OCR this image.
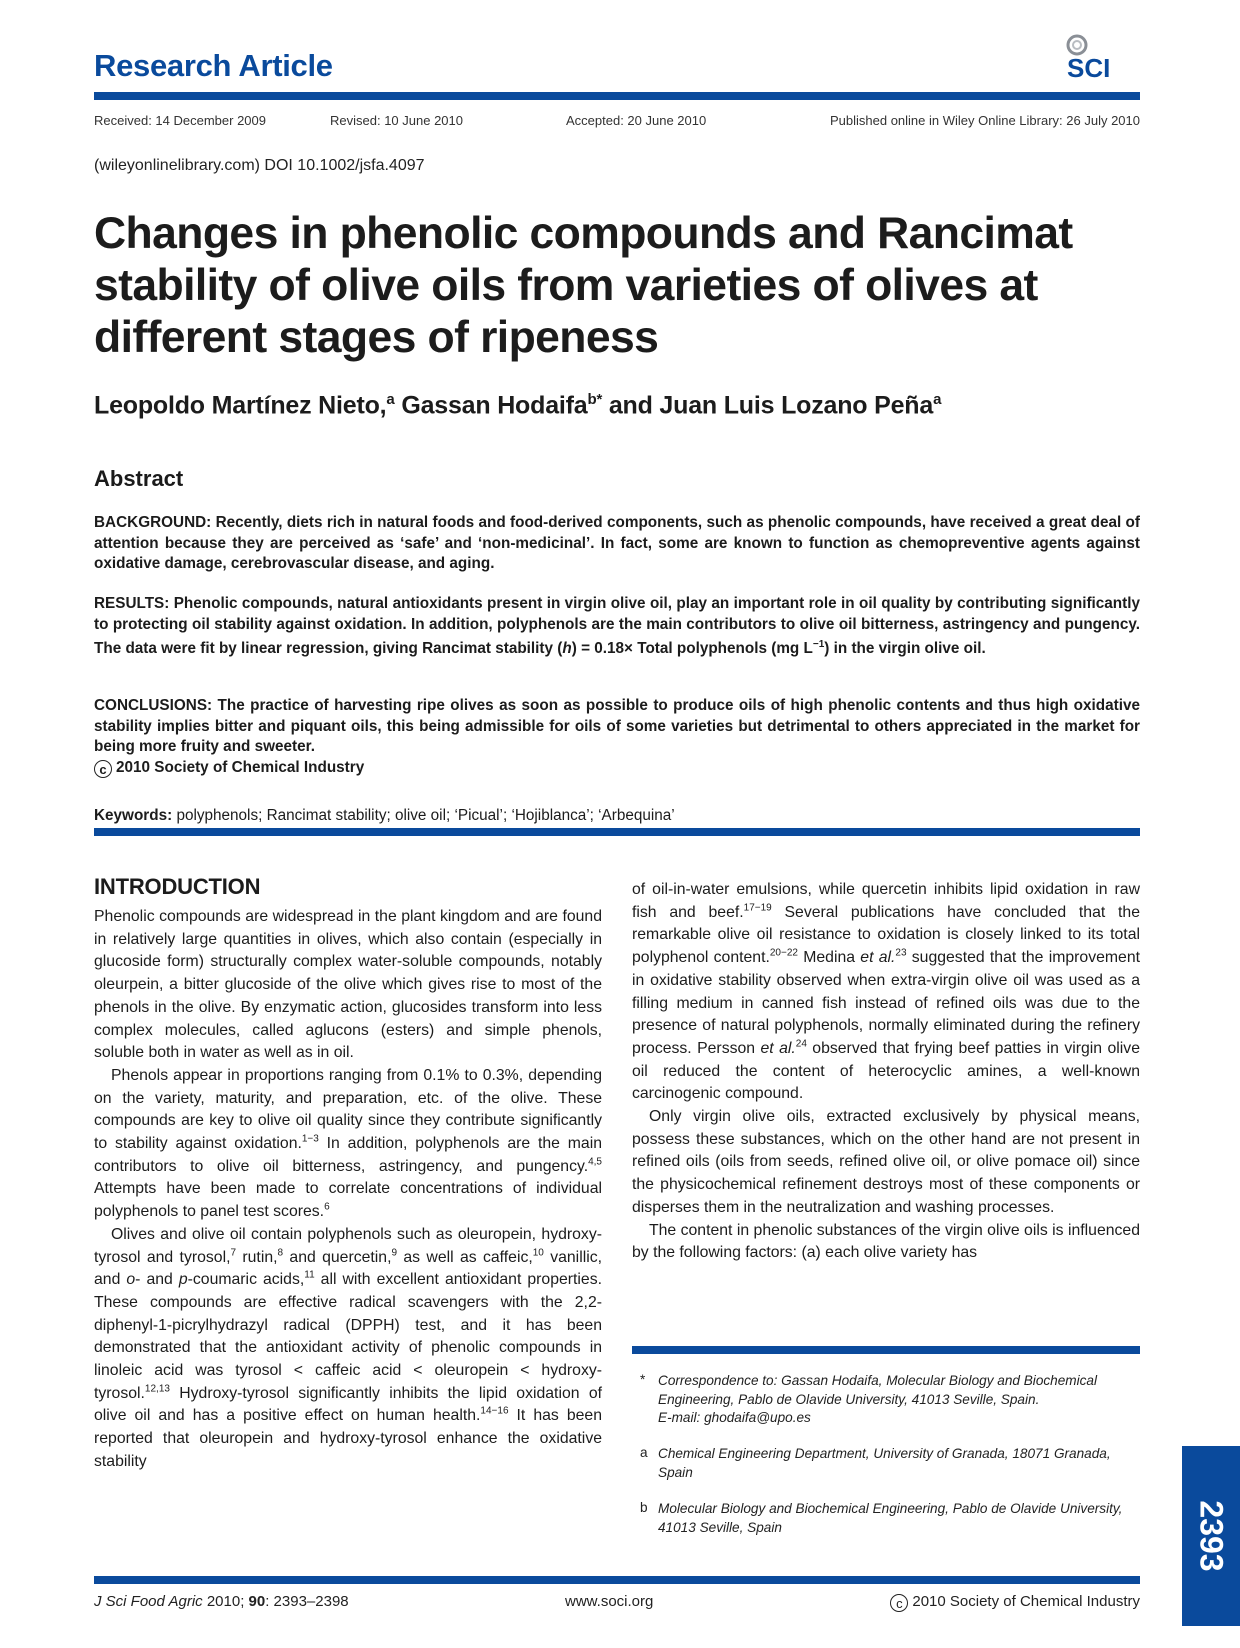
Research Article	SCI
Received: 14 December 2009	Revised: 10 June 2010	Accepted: 20 June 2010	Published online in Wiley Online Library: 26 July 2010
(wileyonlinelibrary.com) DOI 10.1002/jsfa.4097
Changes in phenolic compounds and Rancimat stability of olive oils from varieties of olives at different stages of ripeness
Leopoldo Martínez Nieto,$^a$ Gassan Hodaifa$^{b*}$ and Juan Luis Lozano Peña$^a$
Abstract
BACKGROUND: Recently, diets rich in natural foods and food-derived components, such as phenolic compounds, have received a great deal of attention because they are perceived as ‘safe’ and ‘non-medicinal’. In fact, some are known to function as chemopreventive agents against oxidative damage, cerebrovascular disease, and aging.
RESULTS: Phenolic compounds, natural antioxidants present in virgin olive oil, play an important role in oil quality by contributing significantly to protecting oil stability against oxidation. In addition, polyphenols are the main contributors to olive oil bitterness, astringency and pungency. The data were fit by linear regression, giving Rancimat stability (h) = 0.18× Total polyphenols (mg $L^{-1}$) in the virgin olive oil.
CONCLUSIONS: The practice of harvesting ripe olives as soon as possible to produce oils of high phenolic contents and thus high oxidative stability implies bitter and piquant oils, this being admissible for oils of some varieties but detrimental to others appreciated in the market for being more fruity and sweeter.
c 2010 Society of Chemical Industry
Keywords: polyphenols; Rancimat stability; olive oil; ‘Picual’; ‘Hojiblanca’; ‘Arbequina’
INTRODUCTION

Phenolic compounds are widespread in the plant kingdom and are found in relatively large quantities in olives, which also contain (especially in glucoside form) structurally complex water-soluble compounds, notably oleurpein, a bitter glucoside of the olive which gives rise to most of the phenols in the olive. By enzymatic action, glucosides transform into less complex molecules, called aglucons (esters) and simple phenols, soluble both in water as well as in oil.

Phenols appear in proportions ranging from 0.1% to 0.3%, depending on the variety, maturity, and preparation, etc. of the olive. These compounds are key to olive oil quality since they contribute significantly to stability against oxidation.$^{1-3}$ In addition, polyphenols are the main contributors to olive oil bitterness, astringency, and pungency.$^{4,5}$ Attempts have been made to correlate concentrations of individual polyphenols to panel test scores.$^6$

Olives and olive oil contain polyphenols such as oleuropein, hydroxy-tyrosol and tyrosol,$^7$ rutin,$^8$ and quercetin,$^9$ as well as caffeic,$^{10}$ vanillic, and o- and p-coumaric acids,$^{11}$ all with excellent antioxidant properties. These compounds are effective radical scavengers with the 2,2-diphenyl-1-picrylhydrazyl radical (DPPH) test, and it has been demonstrated that the antioxidant activity of phenolic compounds in linoleic acid was tyrosol < caffeic acid < oleuropein < hydroxy-tyrosol.$^{12,13}$ Hydroxy-tyrosol significantly inhibits the lipid oxidation of olive oil and has a positive effect on human health.$^{14-16}$ It has been reported that oleuropein and hydroxy-tyrosol enhance the oxidative stability

of oil-in-water emulsions, while quercetin inhibits lipid oxidation in raw fish and beef.$^{17-19}$ Several publications have concluded that the remarkable olive oil resistance to oxidation is closely linked to its total polyphenol content.$^{20-22}$ Medina et al.$^{23}$ suggested that the improvement in oxidative stability observed when extra-virgin olive oil was used as a filling medium in canned fish instead of refined oils was due to the presence of natural polyphenols, normally eliminated during the refinery process. Persson et al.$^{24}$ observed that frying beef patties in virgin olive oil reduced the content of heterocyclic amines, a well-known carcinogenic compound.

Only virgin olive oils, extracted exclusively by physical means, possess these substances, which on the other hand are not present in refined oils (oils from seeds, refined olive oil, or olive pomace oil) since the physicochemical refinement destroys most of these components or disperses them in the neutralization and washing processes.

The content in phenolic substances of the virgin olive oils is influenced by the following factors: (a) each olive variety has

* Correspondence to: Gassan Hodaifa, Molecular Biology and Biochemical
Engineering, Pablo de Olavide University, 41013 Seville, Spain.
E-mail: ghodaifa@upo.es
a Chemical Engineering Department, University of Granada, 18071 Granada,
Spain
b Molecular Biology and Biochemical Engineering, Pablo de Olavide University,
41013 Seville, Spain	2393
J Sci Food Agric 2010; 90: 2393–2398	www.soci.org	c 2010 Society of Chemical Industry
